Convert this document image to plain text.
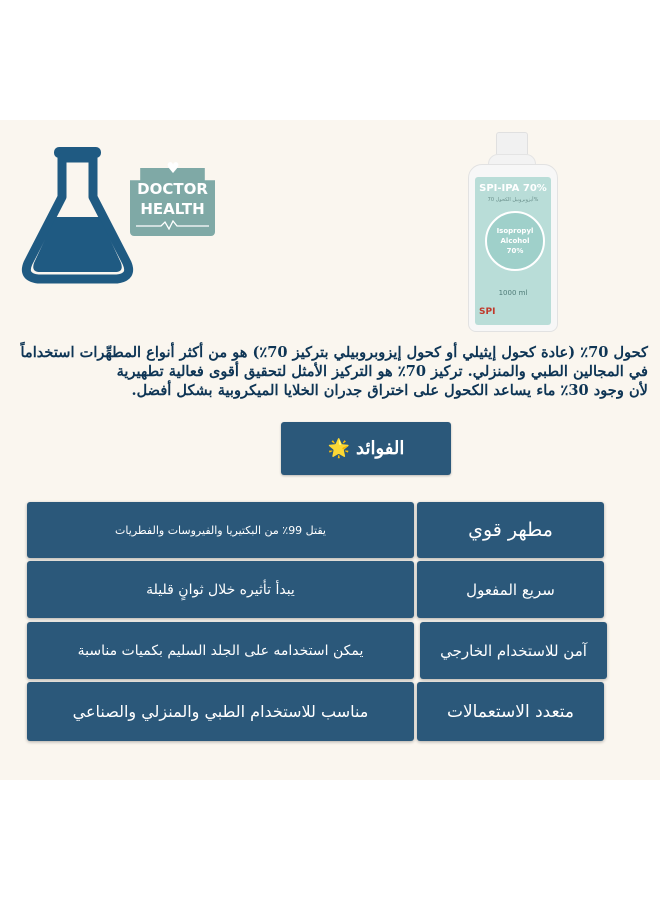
♥
DOCTOR
HEALTH
SPI-IPA 70%
أيزوبروبيل الكحول 70%
Isopropyl
Alcohol
70%
1000 ml
SPI
كحول 70٪ (عادة كحول إيثيلي أو كحول إيزوبروبيلي بتركيز 70٪) هو من أكثر أنواع المطهِّرات استخداماً
في المجالين الطبي والمنزلي. تركيز 70٪ هو التركيز الأمثل لتحقيق أقوى فعالية تطهيرية
لأن وجود 30٪ ماء يساعد الكحول على اختراق جدران الخلايا الميكروبية بشكل أفضل.
الفوائد
🌟
مطهر قوي
يقتل 99٪ من البكتيريا والفيروسات والفطريات
سريع المفعول
يبدأ تأثيره خلال ثوانٍ قليلة
آمن للاستخدام الخارجي
يمكن استخدامه على الجلد السليم بكميات مناسبة
متعدد الاستعمالات
مناسب للاستخدام الطبي والمنزلي والصناعي
